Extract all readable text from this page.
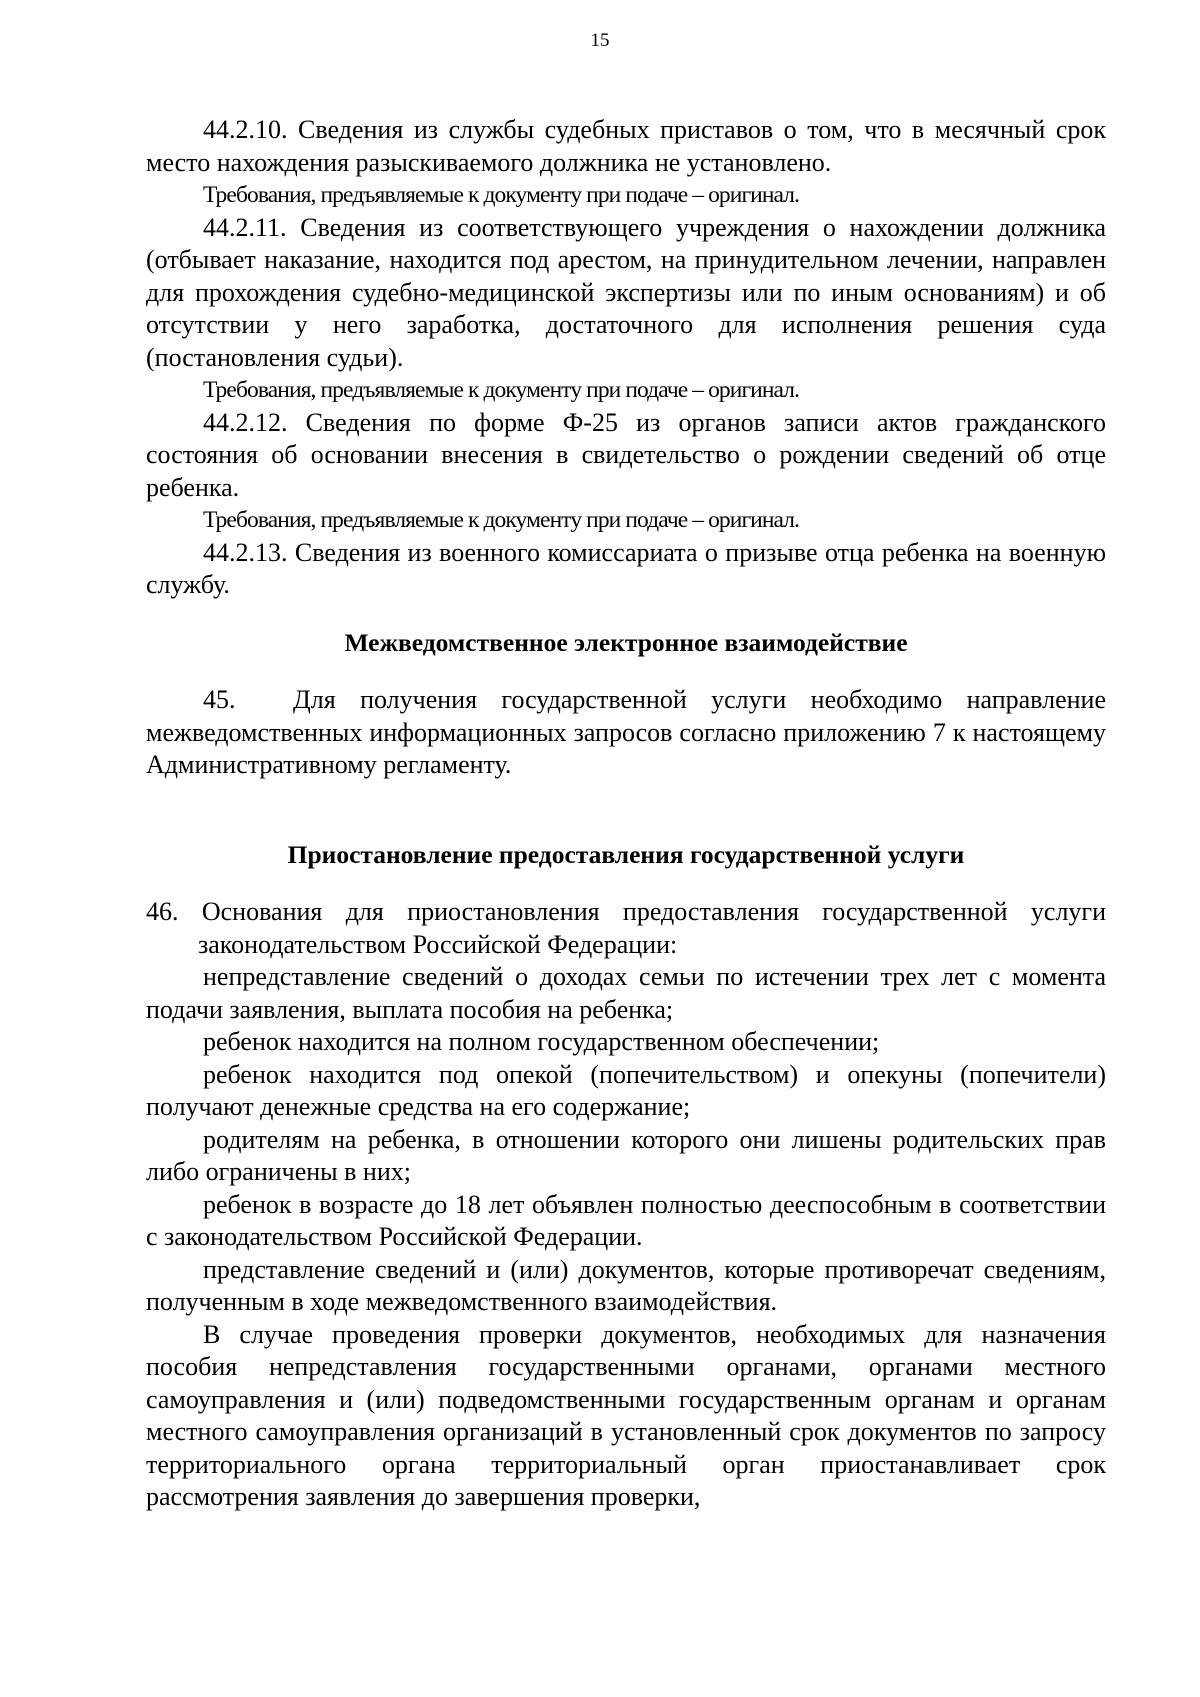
15

44.2.10. Сведения из службы судебных приставов о том, что в месячный срок место нахождения разыскиваемого должника не установлено.

Требования, предъявляемые к документу при подаче – оригинал.

44.2.11. Сведения из соответствующего учреждения о нахождении должника (отбывает наказание, находится под арестом, на принудительном лечении, направлен для прохождения судебно-медицинской экспертизы или по иным основаниям) и об отсутствии у него заработка, достаточного для исполнения решения суда (постановления судьи).

Требования, предъявляемые к документу при подаче – оригинал.

44.2.12. Сведения по форме Ф-25 из органов записи актов гражданского состояния об основании внесения в свидетельство о рождении сведений об отце ребенка.

Требования, предъявляемые к документу при подаче – оригинал.

44.2.13. Сведения из военного комиссариата о призыве отца ребенка на военную службу.

Межведомственное электронное взаимодействие

45. Для получения государственной услуги необходимо направление межведомственных информационных запросов согласно приложению 7 к настоящему Административному регламенту.

Приостановление предоставления государственной услуги

46. Основания для приостановления предоставления государственной услуги законодательством Российской Федерации:

непредставление сведений о доходах семьи по истечении трех лет с момента подачи заявления, выплата пособия на ребенка;

ребенок находится на полном государственном обеспечении;

ребенок находится под опекой (попечительством) и опекуны (попечители) получают денежные средства на его содержание;

родителям на ребенка, в отношении которого они лишены родительских прав либо ограничены в них;

ребенок в возрасте до 18 лет объявлен полностью дееспособным в соответствии с законодательством Российской Федерации.

представление сведений и (или) документов, которые противоречат сведениям, полученным в ходе межведомственного взаимодействия.

В случае проведения проверки документов, необходимых для назначения пособия непредставления государственными органами, органами местного самоуправления и (или) подведомственными государственным органам и органам местного самоуправления организаций в установленный срок документов по запросу территориального органа территориальный орган приостанавливает срок рассмотрения заявления до завершения проверки,
